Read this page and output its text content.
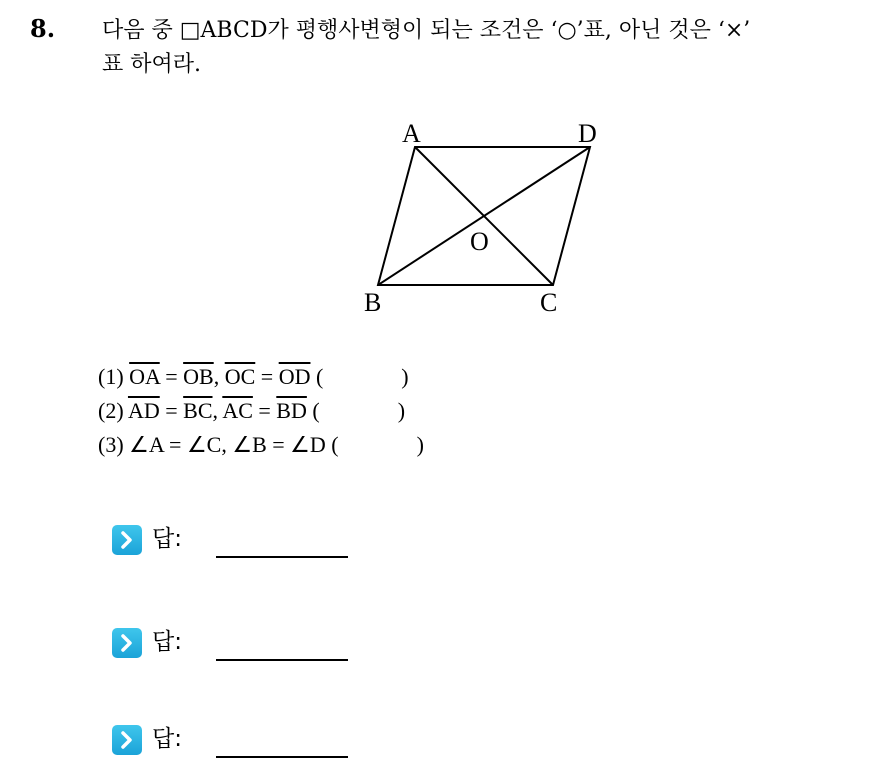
8. 다음 중 □ABCD가 평행사변형이 되는 조건은 ‘○’표, 아닌 것은 ‘×’
표 하여라.
A	D
B	C
O
(1) $\overline{OA} = \overline{OB}$, $\overline{OC} = \overline{OD}$ (	)
(2) $\overline{AD} = \overline{BC}$, $\overline{AC} = \overline{BD}$ (	)
(3) ∠A = ∠C, ∠B = ∠D (	)
답:
답:
답:
